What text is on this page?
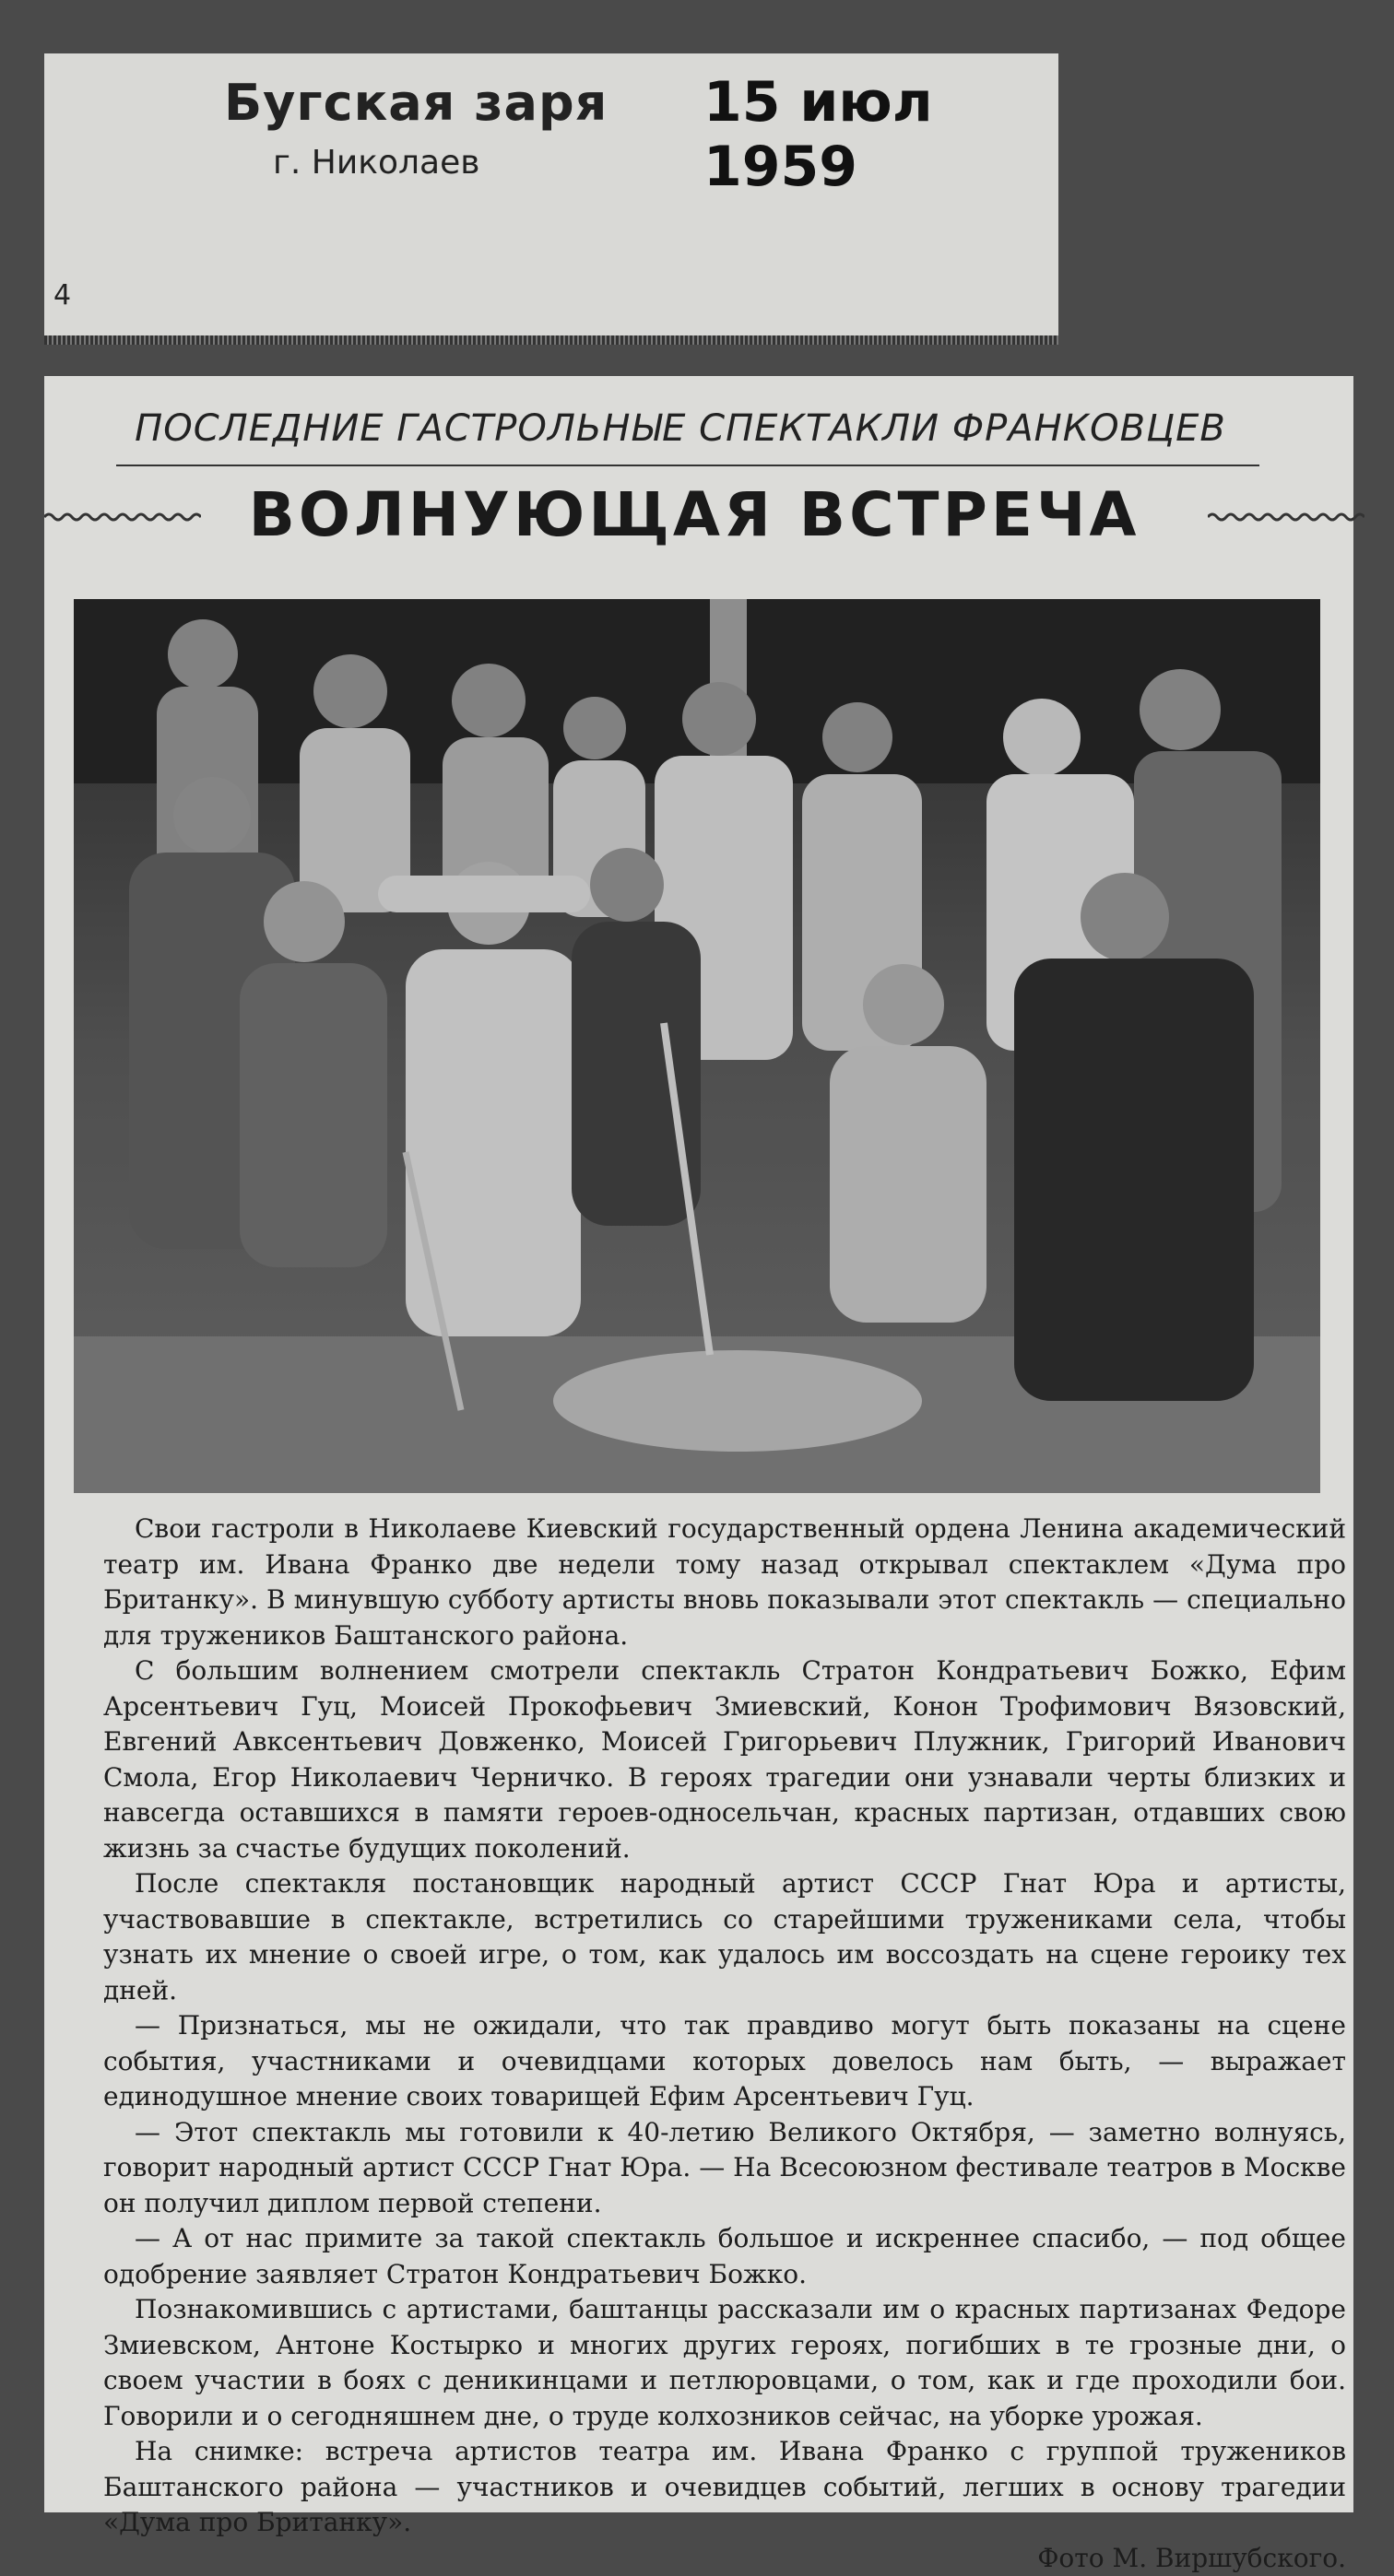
Бугская заря
г. Николаев
15 июл 1959
4
ПОСЛЕДНИЕ ГАСТРОЛЬНЫЕ СПЕКТАКЛИ ФРАНКОВЦЕВ
ВОЛНУЮЩАЯ ВСТРЕЧА

Свои гастроли в Николаеве Киевский государственный ордена Ленина академический театр им. Ивана Франко две недели тому назад открывал спектаклем «Дума про Британку». В минувшую субботу артисты вновь показывали этот спектакль — специально для тружеников Баштанского района.

С большим волнением смотрели спектакль Стратон Кондратьевич Божко, Ефим Арсентьевич Гуц, Моисей Прокофьевич Змиевский, Конон Трофимович Вязовский, Евгений Авксентьевич Довженко, Моисей Григорьевич Плужник, Григорий Иванович Смола, Егор Николаевич Черничко. В героях трагедии они узнавали черты близких и навсегда оставшихся в памяти героев-односельчан, красных партизан, отдавших свою жизнь за счастье будущих поколений.

После спектакля постановщик народный артист СССР Гнат Юра и артисты, участвовавшие в спектакле, встретились со старейшими тружениками села, чтобы узнать их мнение о своей игре, о том, как удалось им воссоздать на сцене героику тех дней.

— Признаться, мы не ожидали, что так правдиво могут быть показаны на сцене события, участниками и очевидцами которых довелось нам быть, — выражает единодушное мнение своих товарищей Ефим Арсентьевич Гуц.

— Этот спектакль мы готовили к 40-летию Великого Октября, — заметно волнуясь, говорит народный артист СССР Гнат Юра. — На Всесоюзном фестивале театров в Москве он получил диплом первой степени.

— А от нас примите за такой спектакль большое и искреннее спасибо, — под общее одобрение заявляет Стратон Кондратьевич Божко.

Познакомившись с артистами, баштанцы рассказали им о красных партизанах Федоре Змиевском, Антоне Костырко и многих других героях, погибших в те грозные дни, о своем участии в боях с деникинцами и петлюровцами, о том, как и где проходили бои. Говорили и о сегодняшнем дне, о труде колхозников сейчас, на уборке урожая.

На снимке: встреча артистов театра им. Ивана Франко с группой тружеников Баштанского района — участников и очевидцев событий, легших в основу трагедии «Дума про Британку».

Фото М. Виршубского.
